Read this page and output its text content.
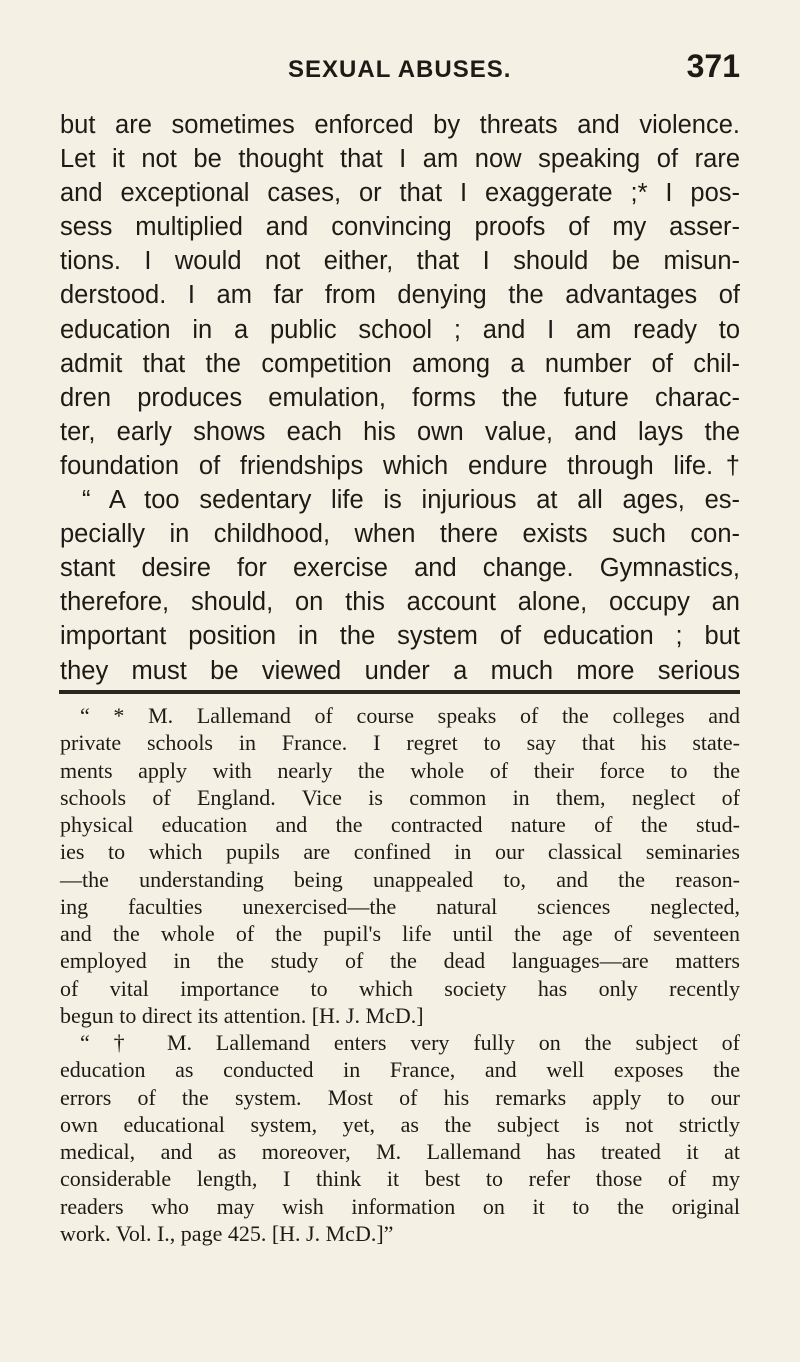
SEXUAL ABUSES.	371
but are sometimes enforced by threats and violence.
Let it not be thought that I am now speaking of rare
and exceptional cases, or that I exaggerate ;* I pos-
sess multiplied and convincing proofs of my asser-
tions. I would not either, that I should be misun-
derstood. I am far from denying the advantages of
education in a public school ; and I am ready to
admit that the competition among a number of chil-
dren produces emulation, forms the future charac-
ter, early shows each his own value, and lays the
foundation of friendships which endure through life.†
“ A too sedentary life is injurious at all ages, es-
pecially in childhood, when there exists such con-
stant desire for exercise and change. Gymnastics,
therefore, should, on this account alone, occupy an
important position in the system of education ; but
they must be viewed under a much more serious
“ * M. Lallemand of course speaks of the colleges and
private schools in France. I regret to say that his state-
ments apply with nearly the whole of their force to the
schools of England. Vice is common in them, neglect of
physical education and the contracted nature of the stud-
ies to which pupils are confined in our classical seminaries
—the understanding being unappealed to, and the reason-
ing faculties unexercised—the natural sciences neglected,
and the whole of the pupil's life until the age of seventeen
employed in the study of the dead languages—are matters
of vital importance to which society has only recently
begun to direct its attention. [H. J. McD.]
“ † M. Lallemand enters very fully on the subject of
education as conducted in France, and well exposes the
errors of the system. Most of his remarks apply to our
own educational system, yet, as the subject is not strictly
medical, and as moreover, M. Lallemand has treated it at
considerable length, I think it best to refer those of my
readers who may wish information on it to the original
work. Vol. I., page 425. [H. J. McD.]”
